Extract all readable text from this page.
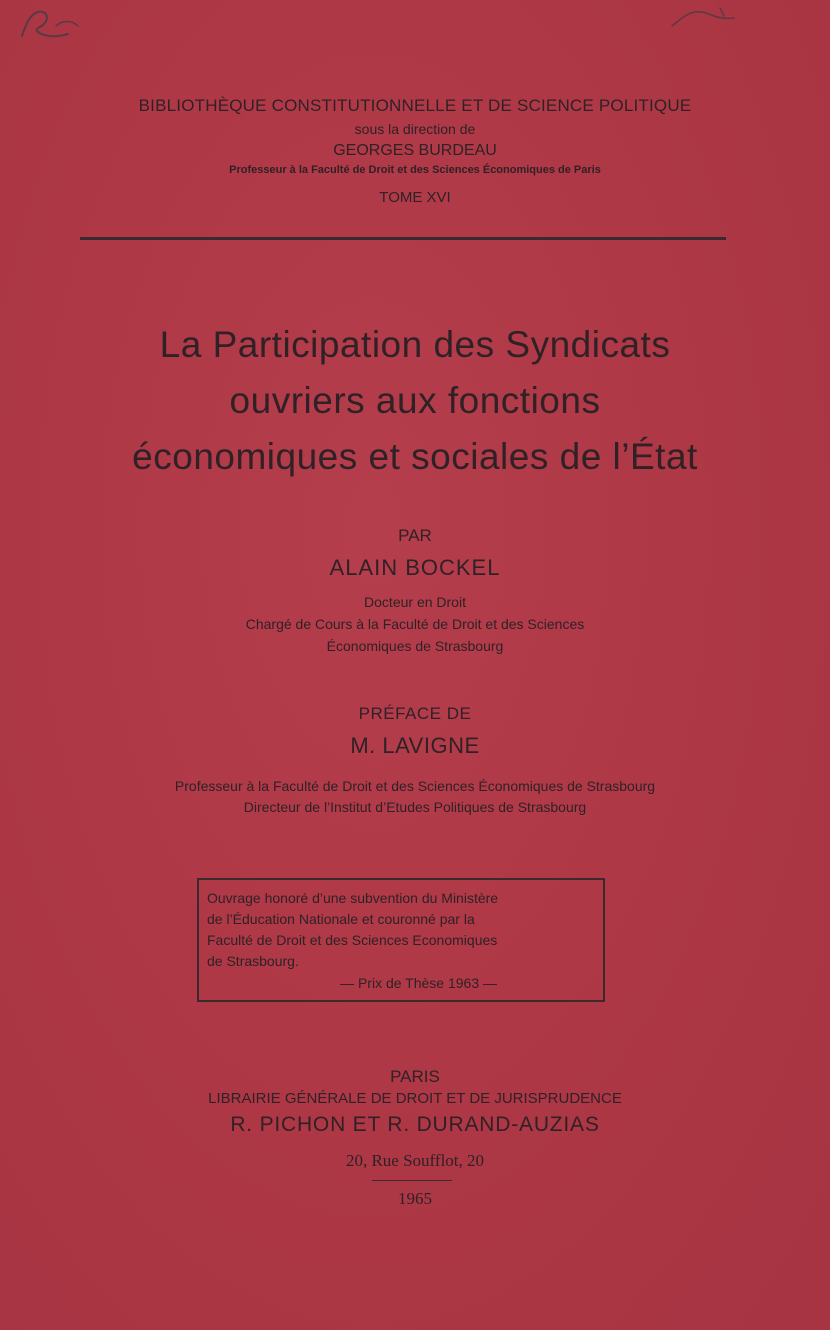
BIBLIOTHÈQUE CONSTITUTIONNELLE ET DE SCIENCE POLITIQUE
sous la direction de
GEORGES BURDEAU
Professeur à la Faculté de Droit et des Sciences Économiques de Paris
TOME XVI
La Participation des Syndicats
ouvriers aux fonctions
économiques et sociales de l’État
PAR
ALAIN BOCKEL
Docteur en Droit
Chargé de Cours à la Faculté de Droit et des Sciences
Économiques de Strasbourg
PRÉFACE DE
M. LAVIGNE
Professeur à la Faculté de Droit et des Sciences Économiques de Strasbourg
Directeur de l’Institut d’Etudes Politiques de Strasbourg
Ouvrage honoré d’une subvention du Ministère
de l’Éducation Nationale et couronné par la
Faculté de Droit et des Sciences Economiques
de Strasbourg.
— Prix de Thèse 1963 —
PARIS
LIBRAIRIE GÉNÉRALE DE DROIT ET DE JURISPRUDENCE
R. PICHON ET R. DURAND-AUZIAS
20, Rue Soufflot, 20
1965
